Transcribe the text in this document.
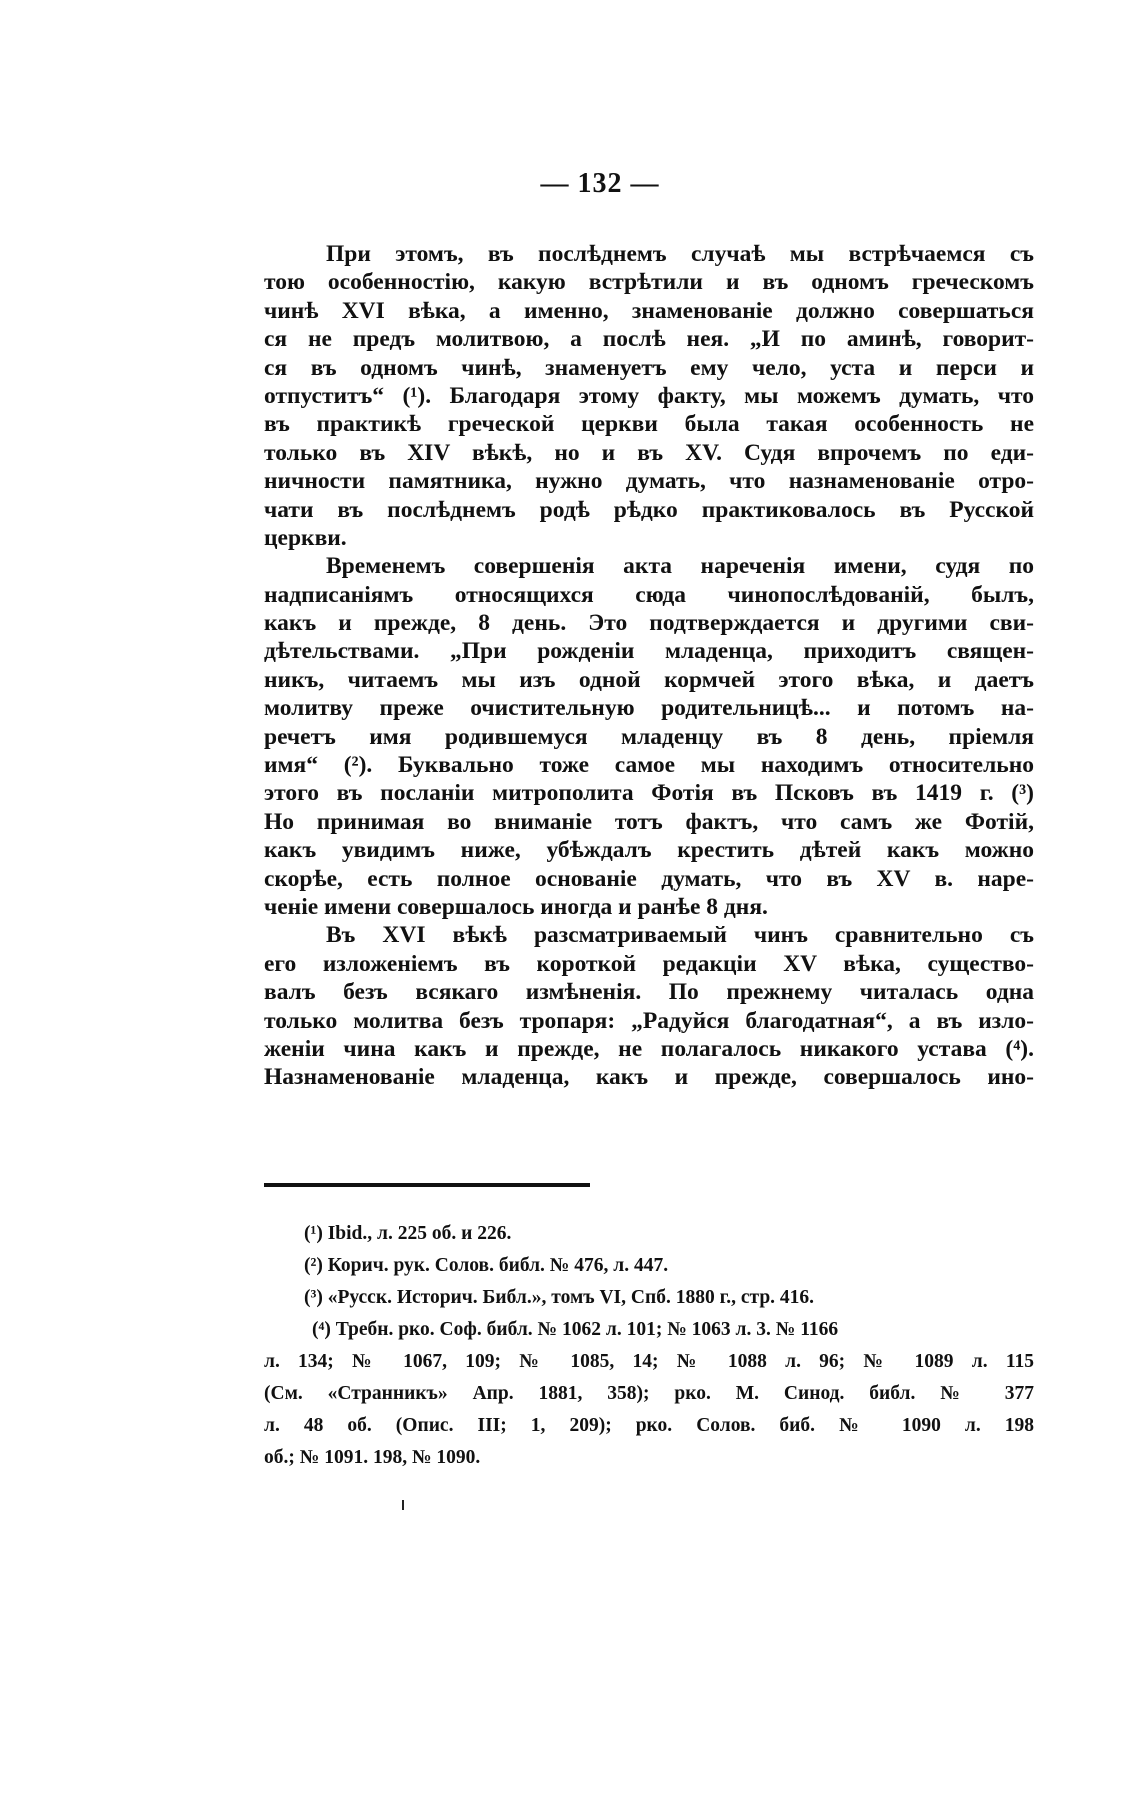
— 132 —
При этомъ, въ послѣднемъ случаѣ мы встрѣчаемся съ
тою особенностію, какую встрѣтили и въ одномъ греческомъ
чинѣ XVI вѣка, а именно, знаменованіе должно совершаться
ся не предъ молитвою, а послѣ нея. „И по аминѣ, говорит-
ся въ одномъ чинѣ, знаменуетъ ему чело, уста и перси и
отпуститъ“ (¹). Благодаря этому факту, мы можемъ думать, что
въ практикѣ греческой церкви была такая особенность не
только въ XIV вѣкѣ, но и въ XV. Судя впрочемъ по еди-
ничности памятника, нужно думать, что назнаменованіе отро-
чати въ послѣднемъ родѣ рѣдко практиковалось въ Русской
церкви.
Временемъ совершенія акта нареченія имени, судя по
надписаніямъ относящихся сюда чинопослѣдованій, былъ,
какъ и прежде, 8 день. Это подтверждается и другими сви-
дѣтельствами. „При рожденіи младенца, приходитъ священ-
никъ, читаемъ мы изъ одной кормчей этого вѣка, и даетъ
молитву преже очистительную родительницѣ... и потомъ на-
речетъ имя родившемуся младенцу въ 8 день, пріемля
имя“ (²). Буквально тоже самое мы находимъ относительно
этого въ посланіи митрополита Фотія въ Псковъ въ 1419 г. (³)
Но принимая во вниманіе тотъ фактъ, что самъ же Фотій,
какъ увидимъ ниже, убѣждалъ крестить дѣтей какъ можно
скорѣе, есть полное основаніе думать, что въ XV в. наре-
ченіе имени совершалось иногда и ранѣе 8 дня.
Въ XVI вѣкѣ разсматриваемый чинъ сравнительно съ
его изложеніемъ въ короткой редакціи XV вѣка, существо-
валъ безъ всякаго измѣненія. По прежнему читалась одна
только молитва безъ тропаря: „Радуйся благодатная“, а въ изло-
женіи чина какъ и прежде, не полагалось никакого устава (⁴).
Назнаменованіе младенца, какъ и прежде, совершалось ино-
(¹) Ibid., л. 225 об. и 226.
(²) Корич. рук. Солов. библ. № 476, л. 447.
(³) «Русск. Историч. Библ.», томъ VI, Спб. 1880 г., стр. 416.
(⁴) Требн. рко. Соф. библ. № 1062 л. 101; № 1063 л. 3. № 1166
л. 134; № 1067, 109; № 1085, 14; № 1088 л. 96; № 1089 л. 115
(См. «Странникъ» Апр. 1881, 358); рко. М. Синод. библ. № 377
л. 48 об. (Опис. III; 1, 209); рко. Солов. биб. № 1090 л. 198
об.; № 1091. 198, № 1090.
